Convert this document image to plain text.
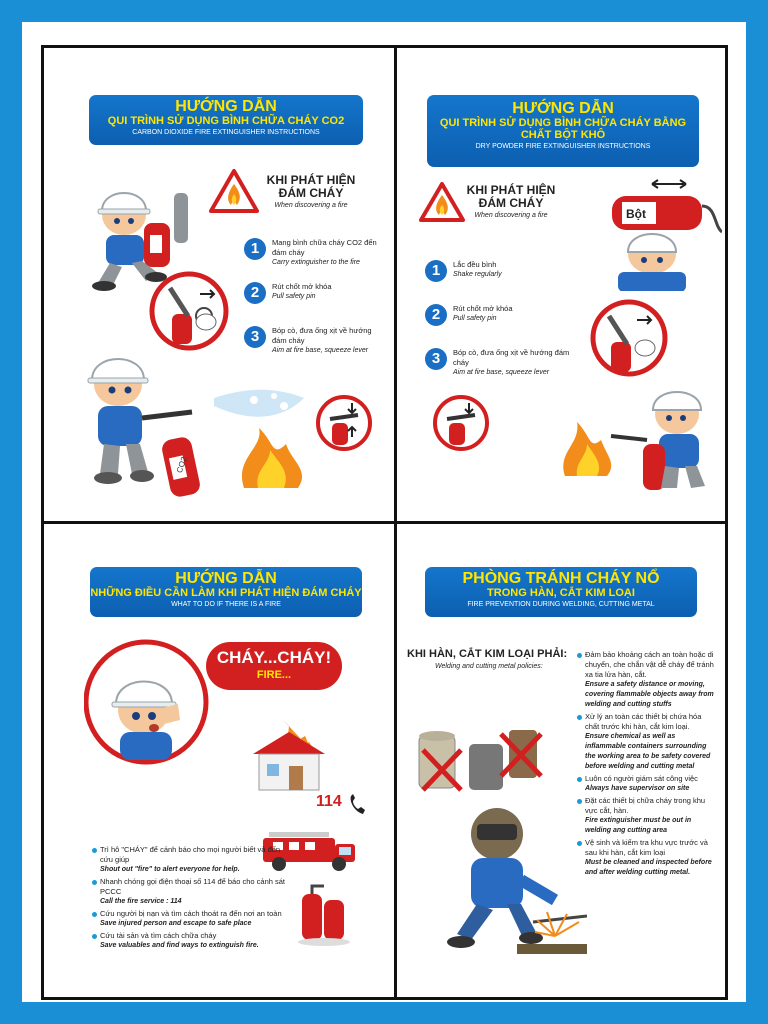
HƯỚNG DẪN
QUI TRÌNH SỬ DỤNG BÌNH CHỮA CHÁY CO2
CARBON DIOXIDE FIRE EXTINGUISHER INSTRUCTIONS
KHI PHÁT HIỆN ĐÁM CHÁY
When discovering a fire
1	Mang bình chữa cháy CO2 đến đám cháy
Carry extinguisher to the fire
2	Rút chốt mở khóa
Pull safety pin
3	Bóp cò, đưa ống xịt về hướng đám cháy
Aim at fire base, squeeze lever
CO2
HƯỚNG DẪN
QUI TRÌNH SỬ DỤNG BÌNH CHỮA CHÁY BẰNG CHẤT BỘT KHÔ
DRY POWDER FIRE EXTINGUISHER INSTRUCTIONS
KHI PHÁT HIỆN ĐÁM CHÁY
When discovering a fire	Bột
1	Lắc đều bình
Shake regularly
2	Rút chốt mở khóa
Pull safety pin
3	Bóp cò, đưa ống xịt về hướng đám cháy
Aim at fire base, squeeze lever
HƯỚNG DẪN
NHỮNG ĐIỀU CẦN LÀM KHI PHÁT HIỆN ĐÁM CHÁY
WHAT TO DO IF THERE IS A FIRE
CHÁY...CHÁY!
FIRE...
114
Trì hô "CHÁY" để cảnh báo cho mọi người biết và đến cứu giúp
Shout out "fire" to alert everyone for help.
Nhanh chóng gọi điện thoại số 114 để báo cho cảnh sát PCCC
Call the fire service : 114
Cứu người bị nạn và tìm cách thoát ra đến nơi an toàn
Save injured person and escape to safe place
Cứu tài sản và tìm cách chữa cháy
Save valuables and find ways to extinguish fire.
PHÒNG TRÁNH CHÁY NỔ
TRONG HÀN, CẮT KIM LOẠI
FIRE PREVENTION DURING WELDING, CUTTING METAL
KHI HÀN, CẮT KIM LOẠI PHẢI:
Welding and cutting metal policies:
Đảm bảo khoảng cách an toàn hoặc di chuyển, che chắn vật dễ cháy để tránh xa tia lửa hàn, cắt.
Ensure a safety distance or moving, covering flammable objects away from welding and cutting stuffs
Xử lý an toàn các thiết bị chứa hóa chất trước khi hàn, cắt kim loại.
Ensure chemical as well as inflammable containers surrounding the working area to be safety covered before welding and cutting metal
Luôn có người giám sát công việc
Always have supervisor on site
Đặt các thiết bị chữa cháy trong khu vực cắt, hàn.
Fire extinguisher must be out in welding ang cutting area
Vệ sinh và kiểm tra khu vực trước và sau khi hàn, cắt kim loại
Must be cleaned and inspected before and after welding cutting metal.
